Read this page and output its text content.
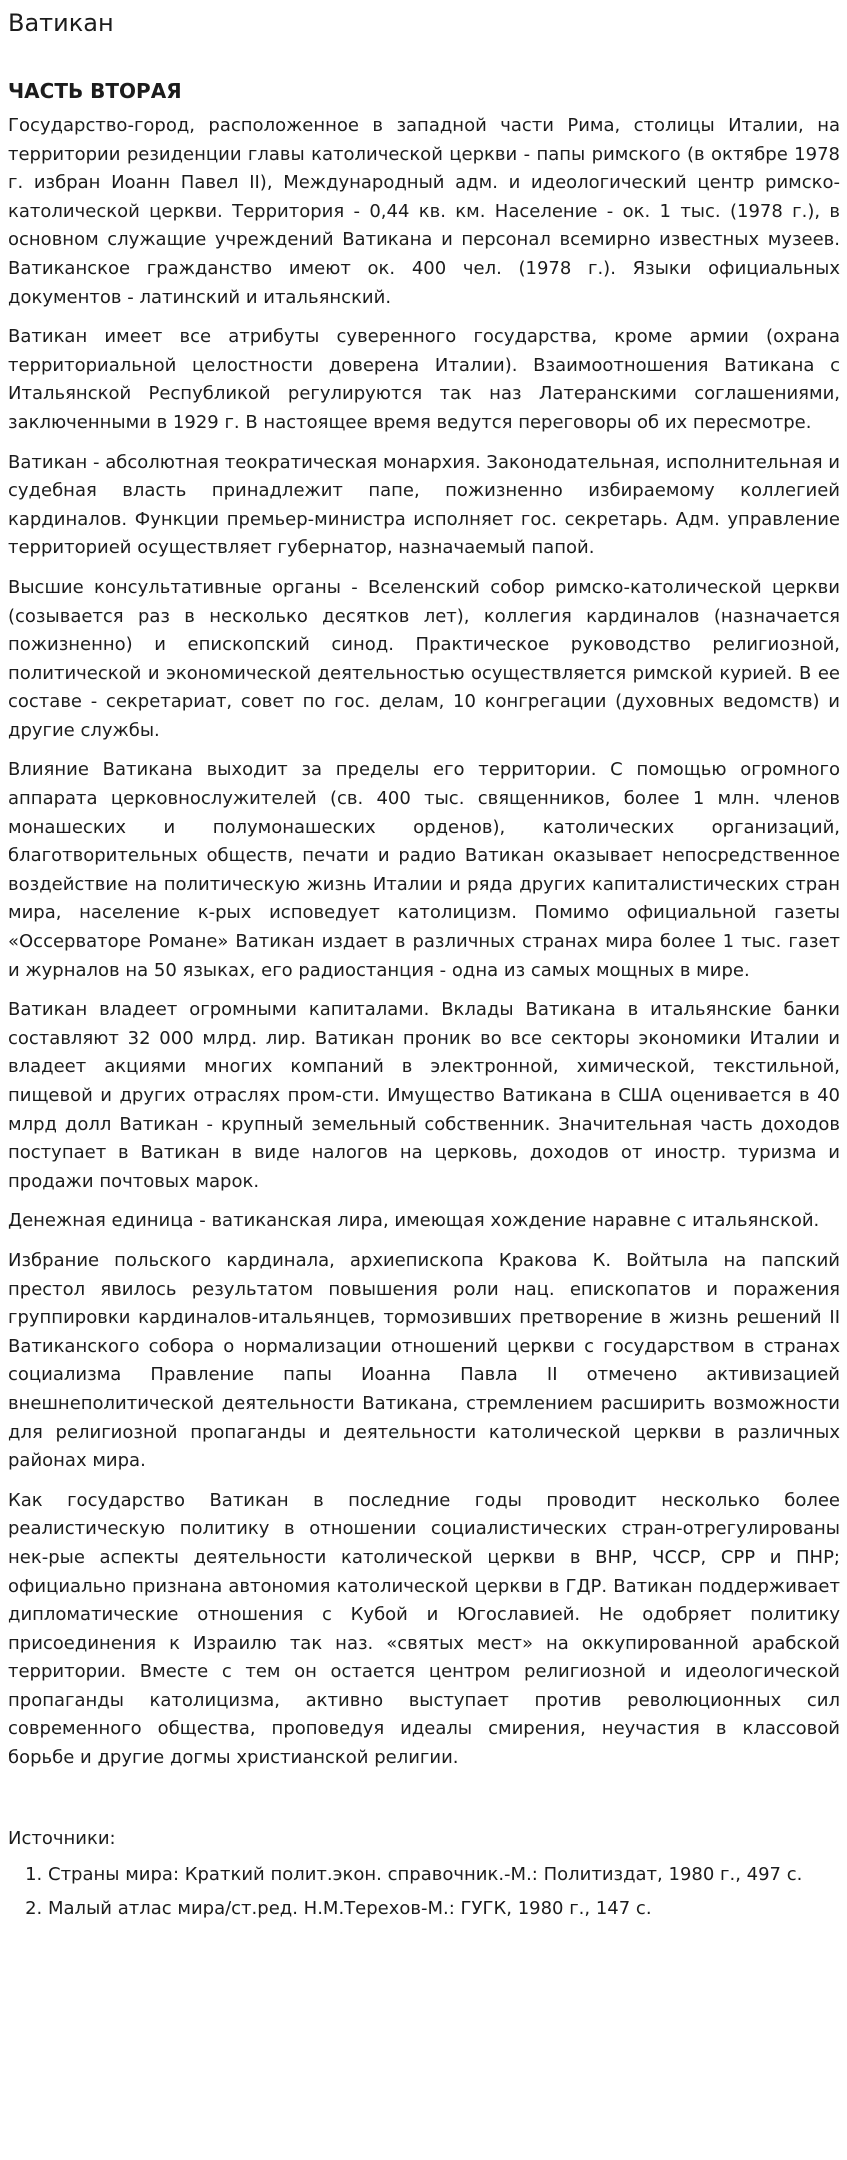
Ватикан
ЧАСТЬ ВТОРАЯ

Государство-город, расположенное в западной части Рима, столицы Италии, на территории резиденции главы католической церкви - папы римского (в октябре 1978 г. избран Иоанн Павел II), Международный адм. и идеологический центр римско-католической церкви. Территория - 0,44 кв. км. Население - ок. 1 тыс. (1978 г.), в основном служащие учреждений Ватикана и персонал всемирно известных музеев. Ватиканское гражданство имеют ок. 400 чел. (1978 г.). Языки официальных документов - латинский и итальянский.

Ватикан имеет все атрибуты суверенного государства, кроме армии (охрана территориальной целостности доверена Италии). Взаимоотношения Ватикана с Итальянской Республикой регулируются так наз Латеранскими соглашениями, заключенными в 1929 г. В настоящее время ведутся переговоры об их пересмотре.

Ватикан - абсолютная теократическая монархия. Законодательная, исполнительная и судебная власть принадлежит папе, пожизненно избираемому коллегией кардиналов. Функции премьер-министра исполняет гос. секретарь. Адм. управление территорией осуществляет губернатор, назначаемый папой.

Высшие консультативные органы - Вселенский собор римско-католической церкви (созывается раз в несколько десятков лет), коллегия кардиналов (назначается пожизненно) и епископский синод. Практическое руководство религиозной, политической и экономической деятельностью осуществляется римской курией. В ее составе - секретариат, совет по гос. делам, 10 конгрегации (духовных ведомств) и другие службы.

Влияние Ватикана выходит за пределы его территории. С помощью огромного аппарата церковнослужителей (св. 400 тыс. священников, более 1 млн. членов монашеских и полумонашеских орденов), католических организаций, благотворительных обществ, печати и радио Ватикан оказывает непосредственное воздействие на политическую жизнь Италии и ряда других капиталистических стран мира, население к-рых исповедует католицизм. Помимо официальной газеты «Оссерваторе Романе» Ватикан издает в различных странах мира более 1 тыс. газет и журналов на 50 языках, его радиостанция - одна из самых мощных в мире.

Ватикан владеет огромными капиталами. Вклады Ватикана в итальянские банки составляют 32 000 млрд. лир. Ватикан проник во все секторы экономики Италии и владеет акциями многих компаний в электронной, химической, текстильной, пищевой и других отраслях пром-сти. Имущество Ватикана в США оценивается в 40 млрд долл Ватикан - крупный земельный собственник. Значительная часть доходов поступает в Ватикан в виде налогов на церковь, доходов от иностр. туризма и продажи почтовых марок.

Денежная единица - ватиканская лира, имеющая хождение наравне с итальянской.

Избрание польского кардинала, архиепископа Кракова К. Войтыла на папский престол явилось результатом повышения роли нац. епископатов и поражения группировки кардиналов-итальянцев, тормозивших претворение в жизнь решений II Ватиканского собора о нормализации отношений церкви с государством в странах социализма Правление папы Иоанна Павла II отмечено активизацией внешнеполитической деятельности Ватикана, стремлением расширить возможности для религиозной пропаганды и деятельности католической церкви в различных районах мира.

Как государство Ватикан в последние годы проводит несколько более реалистическую политику в отношении социалистических стран-отрегулированы нек-рые аспекты деятельности католической церкви в ВНР, ЧССР, СРР и ПНР; официально признана автономия католической церкви в ГДР. Ватикан поддерживает дипломатические отношения с Кубой и Югославией. Не одобряет политику присоединения к Израилю так наз. «святых мест» на оккупированной арабской территории. Вместе с тем он остается центром религиозной и идеологической пропаганды католицизма, активно выступает против революционных сил современного общества, проповедуя идеалы смирения, неучастия в классовой борьбе и другие догмы христианской религии.

Источники:

1. Страны мира: Краткий полит.экон. справочник.-М.: Политиздат, 1980 г., 497 с.
2. Малый атлас мира/ст.ред. Н.М.Терехов-М.: ГУГК, 1980 г., 147 с.
